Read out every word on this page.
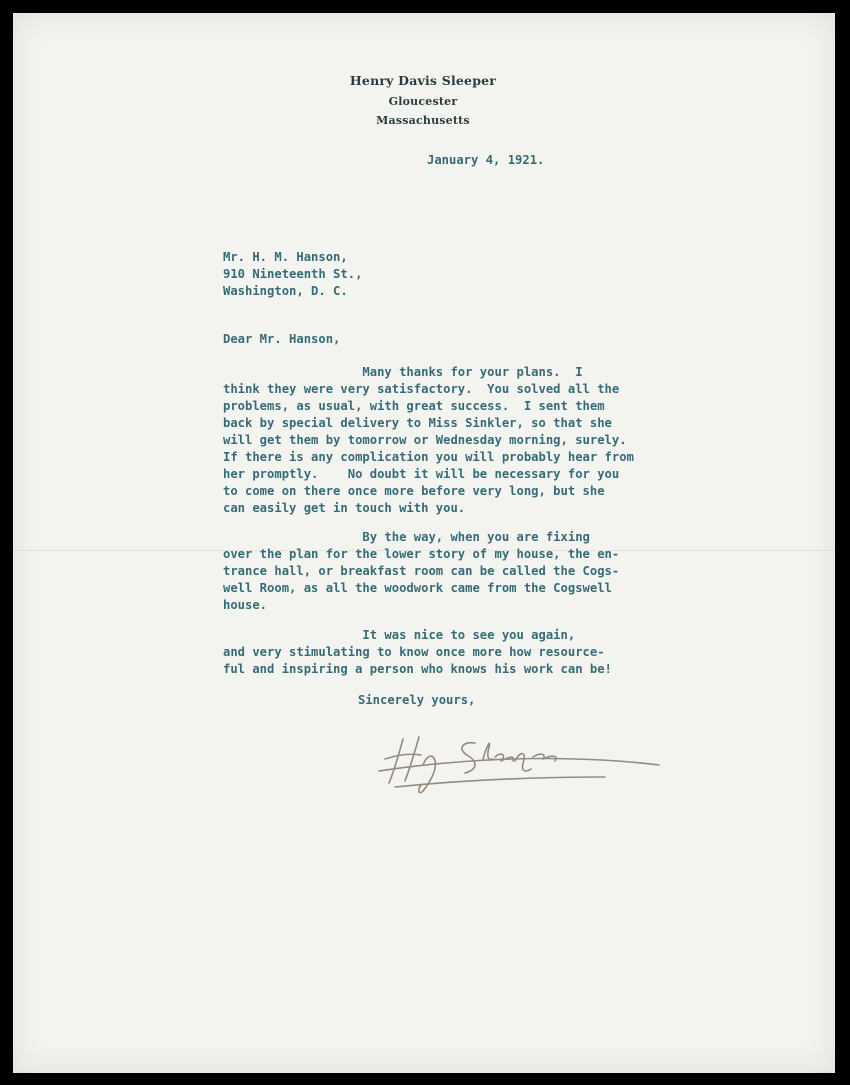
Henry Davis Sleeper
Gloucester
Massachusetts
January 4, 1921.
Mr. H. M. Hanson,
910 Nineteenth St.,
Washington, D. C.
Dear Mr. Hanson,
Many thanks for your plans.  I
think they were very satisfactory.  You solved all the
problems, as usual, with great success.  I sent them
back by special delivery to Miss Sinkler, so that she
will get them by tomorrow or Wednesday morning, surely.
If there is any complication you will probably hear from
her promptly.    No doubt it will be necessary for you
to come on there once more before very long, but she
can easily get in touch with you.
By the way, when you are fixing
over the plan for the lower story of my house, the en-
trance hall, or breakfast room can be called the Cogs-
well Room, as all the woodwork came from the Cogswell
house.
It was nice to see you again,
and very stimulating to know once more how resource-
ful and inspiring a person who knows his work can be!
Sincerely yours,
